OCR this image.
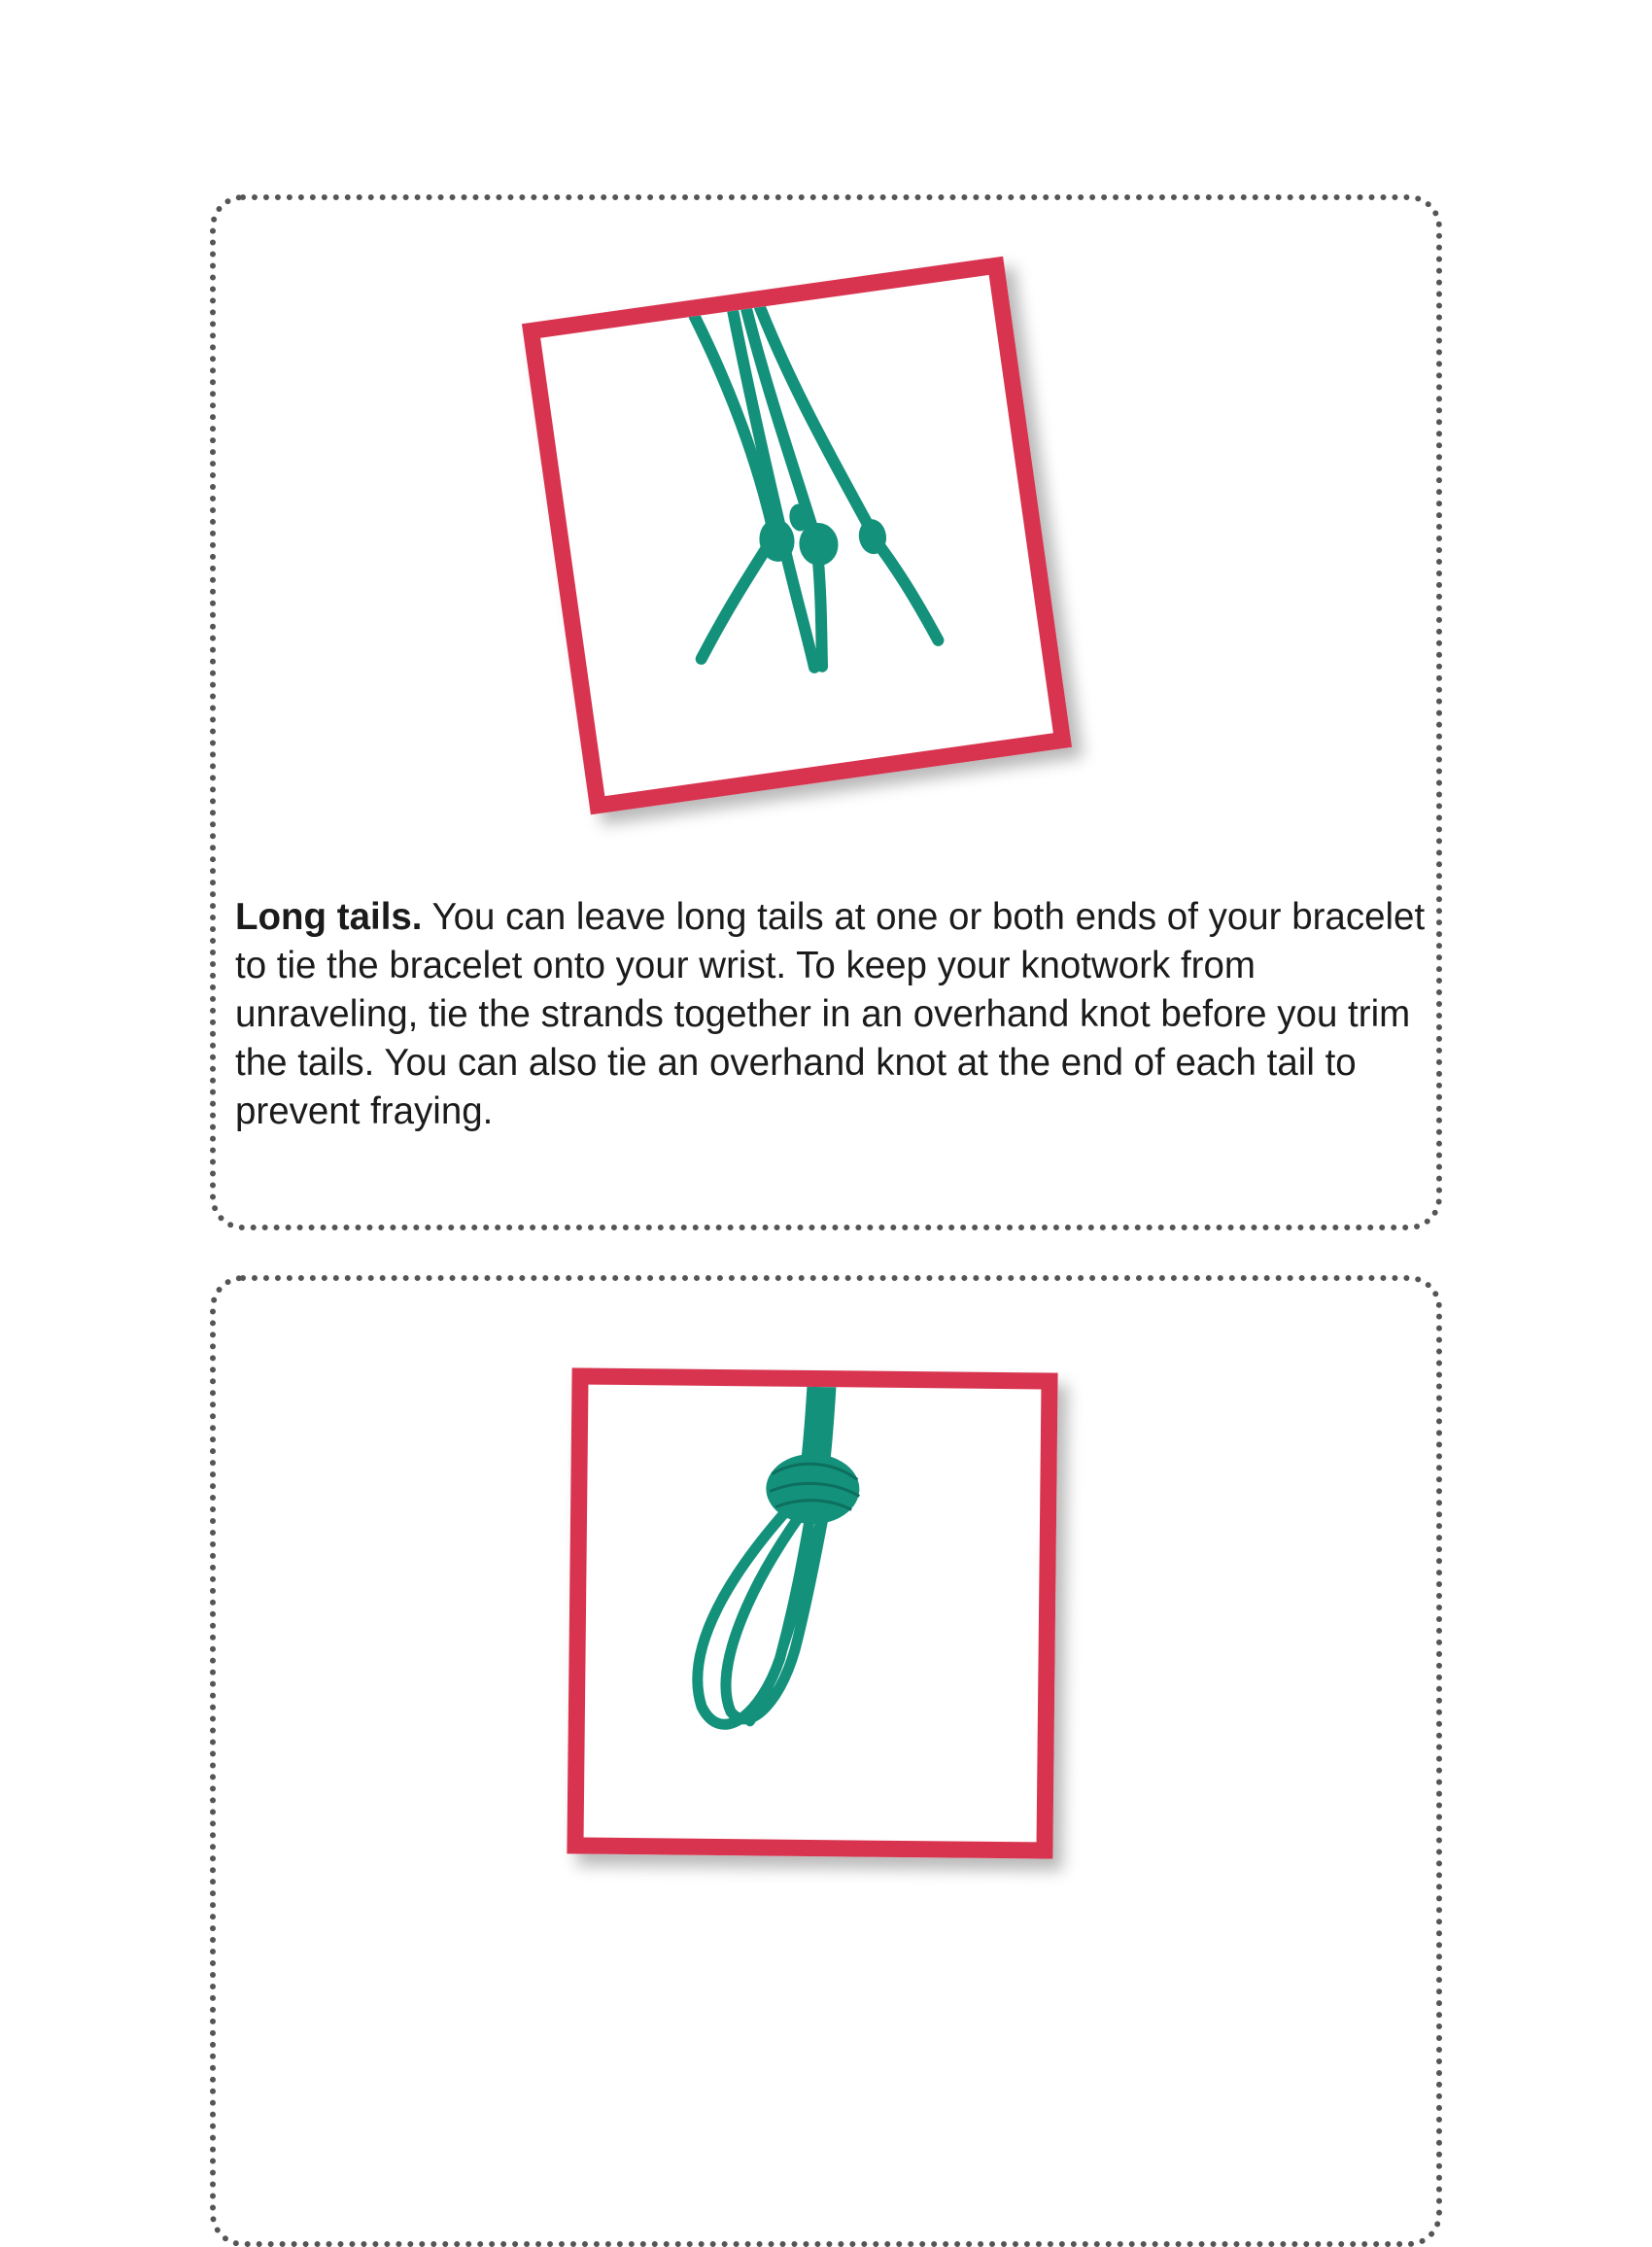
Long tails. You can leave long tails at one or both ends of your bracelet to tie the bracelet onto your wrist. To keep your knotwork from unraveling, tie the strands together in an overhand knot before you trim the tails. You can also tie an overhand knot at the end of each tail to prevent fraying.
